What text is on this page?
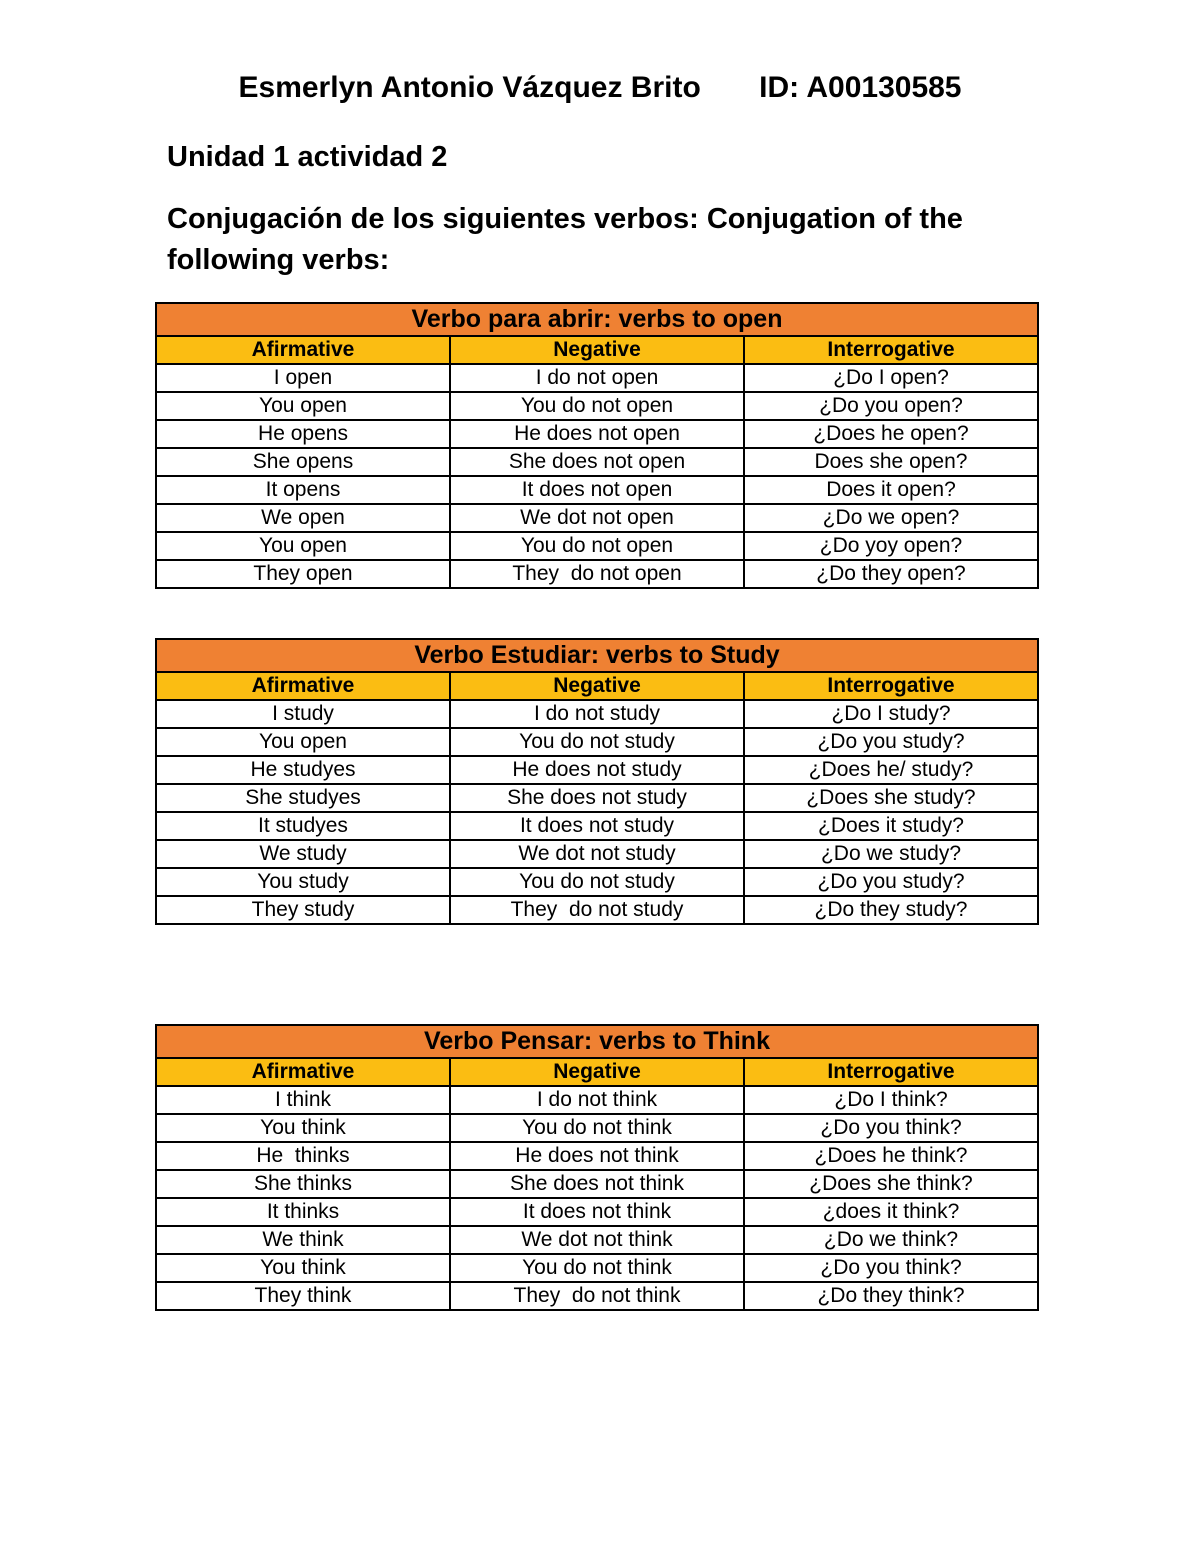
Esmerlyn Antonio Vázquez Brito ID: A00130585
Unidad 1 actividad 2
Conjugación de los siguientes verbos: Conjugation of the following verbs:
Verbo para abrir: verbs to open		
Afirmative	Negative	Interrogative
I open	I do not open	¿Do I open?
You open	You do not open	¿Do you open?
He opens	He does not open	¿Does he open?
She opens	She does not open	Does she open?
It opens	It does not open	Does it open?
We open	We dot not open	¿Do we open?
You open	You do not open	¿Do yoy open?
They open	They  do not open	¿Do they open?
Verbo Estudiar: verbs to Study		
Afirmative	Negative	Interrogative
I study	I do not study	¿Do I study?
You open	You do not study	¿Do you study?
He studyes	He does not study	¿Does he/ study?
She studyes	She does not study	¿Does she study?
It studyes	It does not study	¿Does it study?
We study	We dot not study	¿Do we study?
You study	You do not study	¿Do you study?
They study	They  do not study	¿Do they study?
Verbo Pensar: verbs to Think		
Afirmative	Negative	Interrogative
I think	I do not think	¿Do I think?
You think	You do not think	¿Do you think?
He  thinks	He does not think	¿Does he think?
She thinks	She does not think	¿Does she think?
It thinks	It does not think	¿does it think?
We think	We dot not think	¿Do we think?
You think	You do not think	¿Do you think?
They think	They  do not think	¿Do they think?
